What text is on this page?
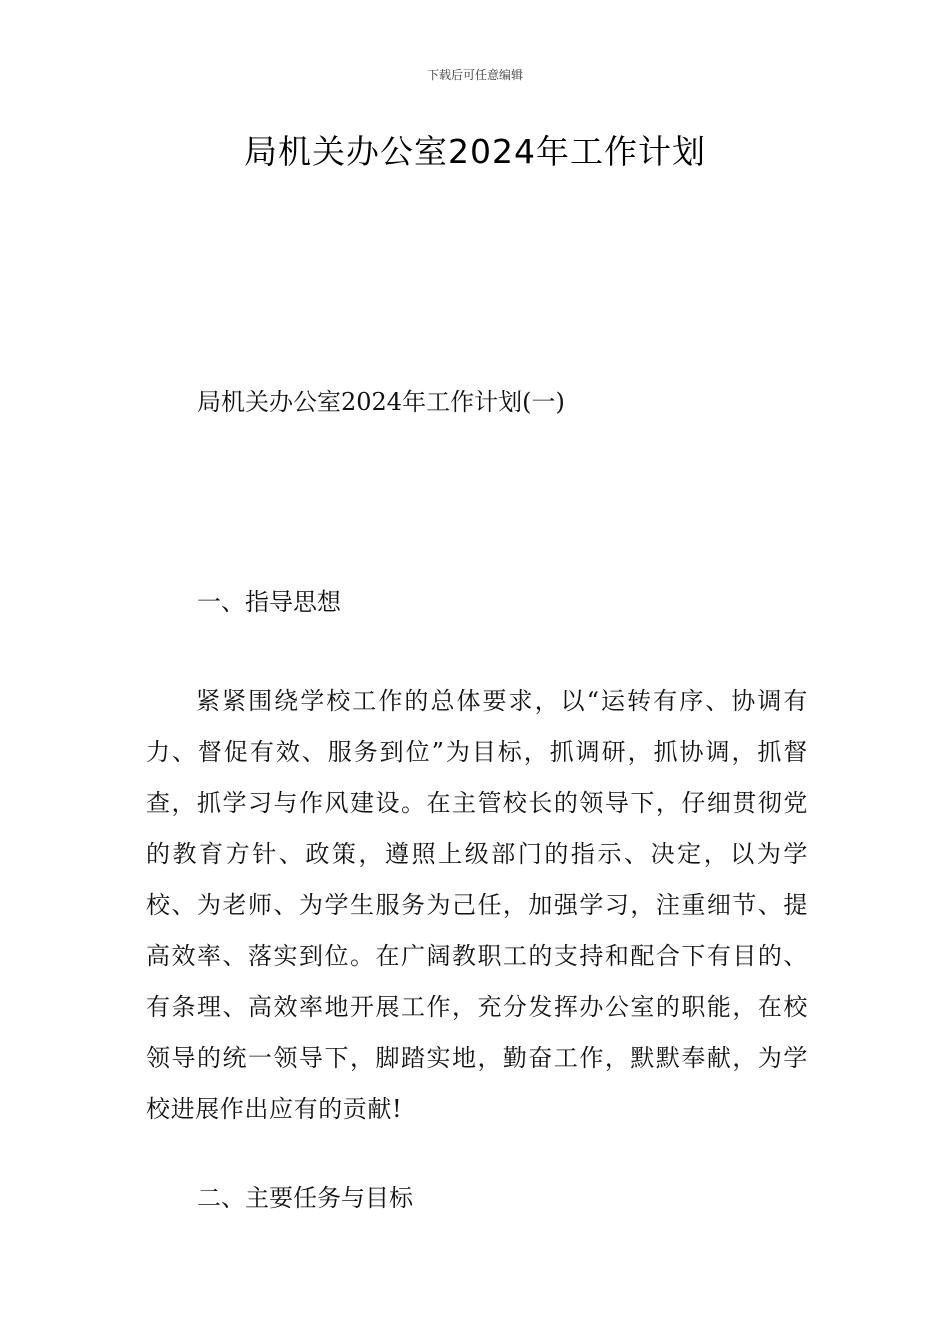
下载后可任意编辑
局机关办公室2024年工作计划
局机关办公室2024年工作计划(一)
一、指导思想

紧紧围绕学校工作的总体要求，以“运转有序、协调有力、督促有效、服务到位”为目标，抓调研，抓协调，抓督查，抓学习与作风建设。在主管校长的领导下，仔细贯彻党的教育方针、政策，遵照上级部门的指示、决定，以为学校、为老师、为学生服务为己任，加强学习，注重细节、提高效率、落实到位。在广阔教职工的支持和配合下有目的、有条理、高效率地开展工作，充分发挥办公室的职能，在校领导的统一领导下，脚踏实地，勤奋工作，默默奉献，为学校进展作出应有的贡献!

二、主要任务与目标
